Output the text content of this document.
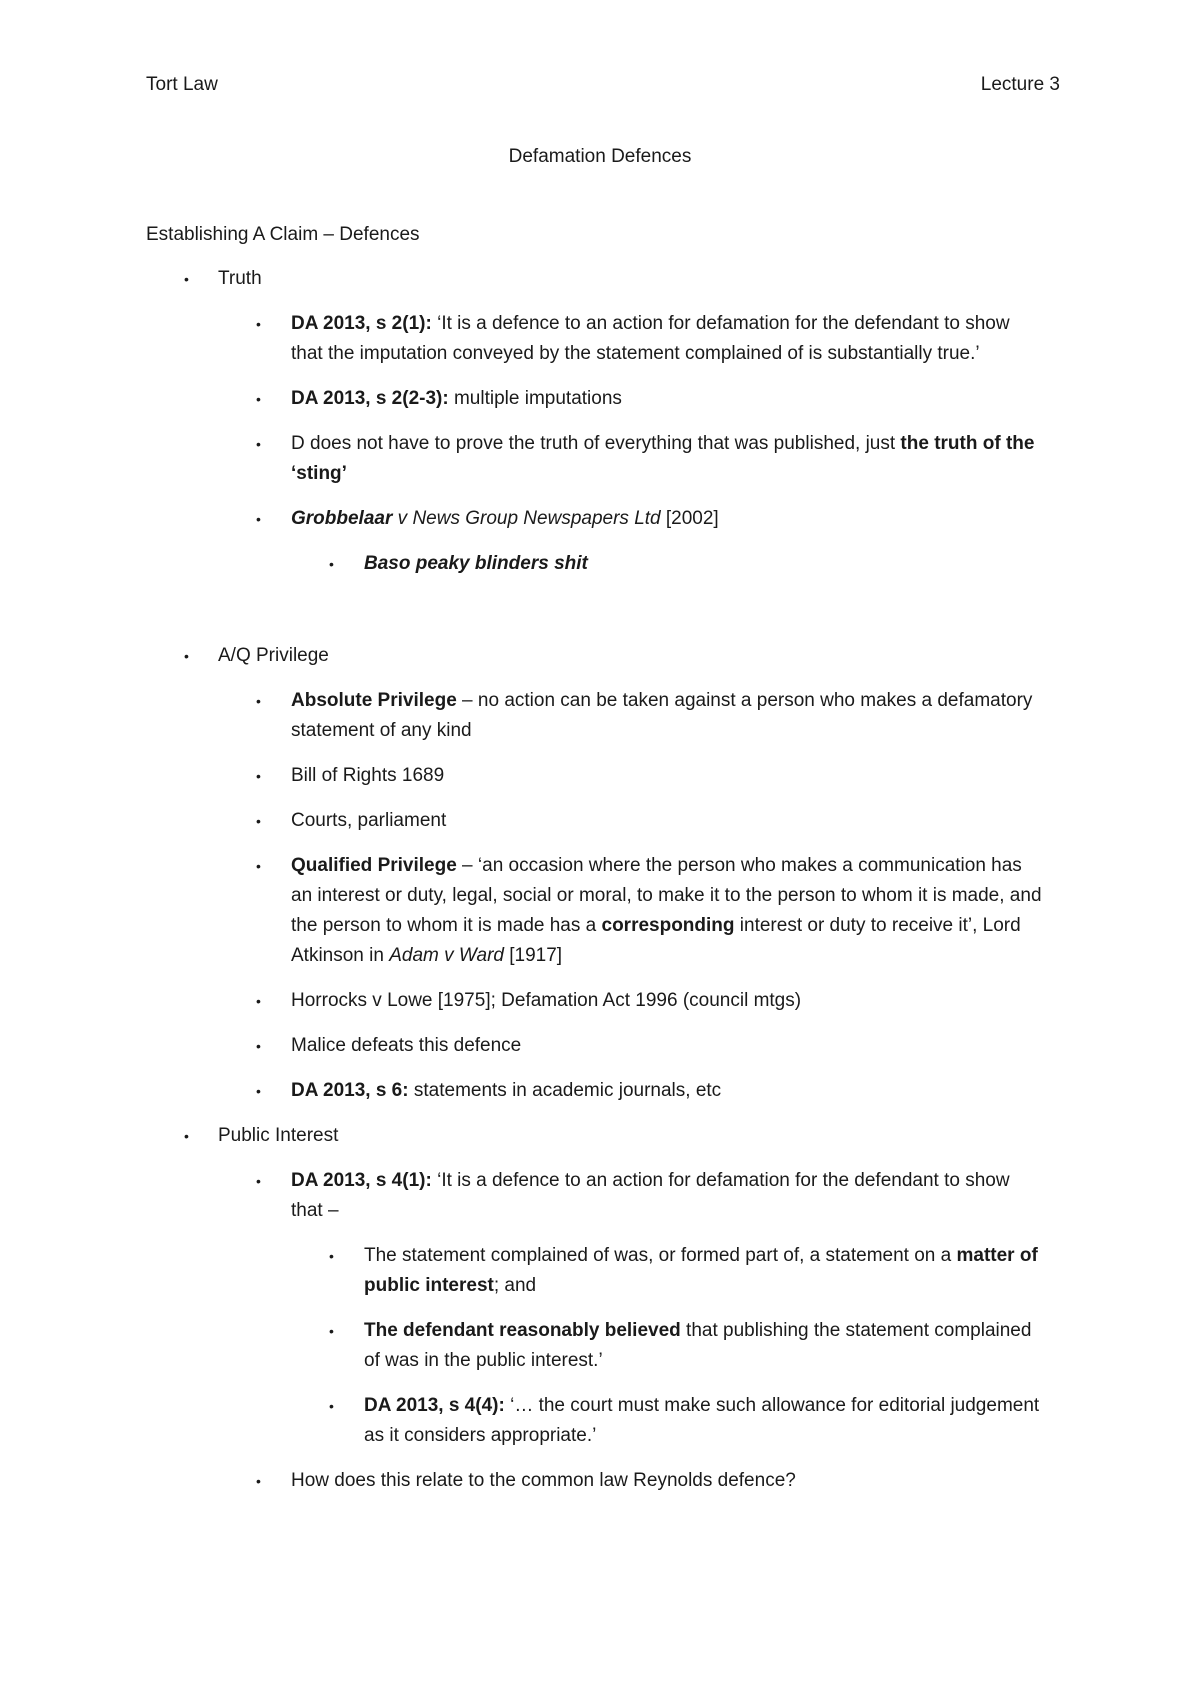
Tort Law	Lecture 3
Defamation Defences
Establishing A Claim – Defences
• Truth
• DA 2013, s 2(1): ‘It is a defence to an action for defamation for the defendant to show that the imputation conveyed by the statement complained of is substantially true.’
• DA 2013, s 2(2-3): multiple imputations
• D does not have to prove the truth of everything that was published, just the truth of the ‘sting’
• Grobbelaar v News Group Newspapers Ltd [2002]
• Baso peaky blinders shit
• A/Q Privilege
• Absolute Privilege – no action can be taken against a person who makes a defamatory statement of any kind
• Bill of Rights 1689
• Courts, parliament
• Qualified Privilege – ‘an occasion where the person who makes a communication has an interest or duty, legal, social or moral, to make it to the person to whom it is made, and the person to whom it is made has a corresponding interest or duty to receive it’, Lord Atkinson in Adam v Ward [1917]
• Horrocks v Lowe [1975]; Defamation Act 1996 (council mtgs)
• Malice defeats this defence
• DA 2013, s 6: statements in academic journals, etc
• Public Interest
• DA 2013, s 4(1): ‘It is a defence to an action for defamation for the defendant to show that –
• The statement complained of was, or formed part of, a statement on a matter of public interest; and
• The defendant reasonably believed that publishing the statement complained of was in the public interest.’
• DA 2013, s 4(4): ‘… the court must make such allowance for editorial judgement as it considers appropriate.’
• How does this relate to the common law Reynolds defence?
